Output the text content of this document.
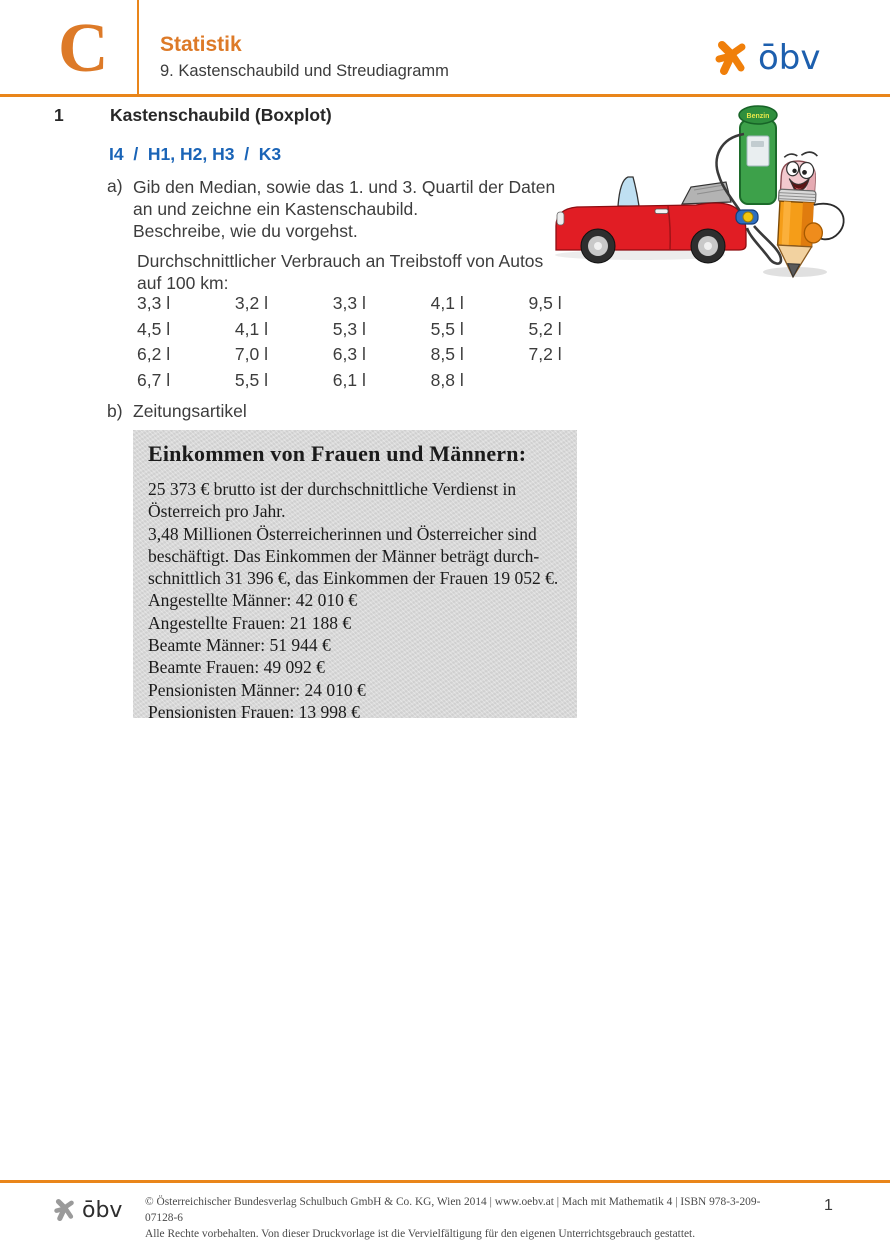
C	Statistik
9. Kastenschaubild und Streudiagramm	ōbv
1	Kastenschaubild (Boxplot)
I4  /  H1, H2, H3  /  K3
a) Gib den Median, sowie das 1. und 3. Quartil der Daten
an und zeichne ein Kastenschaubild.
Beschreibe, wie du vorgehst.
Durchschnittlicher Verbrauch an Treibstoff von Autos
auf 100 km:
3,3 l	3,2 l	3,3 l	4,1 l	9,5 l
4,5 l	4,1 l	5,3 l	5,5 l	5,2 l
6,2 l	7,0 l	6,3 l	8,5 l	7,2 l
6,7 l	5,5 l	6,1 l	8,8 l
Benzin
b) Zeitungsartikel
Einkommen von Frauen und Männern:
25 373 € brutto ist der durchschnittliche Verdienst in
Österreich pro Jahr.
3,48 Millionen Österreicherinnen und Österreicher sind
beschäftigt. Das Einkommen der Männer beträgt durch-
schnittlich 31 396 €, das Einkommen der Frauen 19 052 €.
Angestellte Männer: 42 010 €
Angestellte Frauen: 21 188 €
Beamte Männer: 51 944 €
Beamte Frauen: 49 092 €
Pensionisten Männer: 24 010 €
Pensionisten Frauen: 13 998 €
ōbv © Österreichischer Bundesverlag Schulbuch GmbH & Co. KG, Wien 2014 | www.oebv.at | Mach mit Mathematik 4 | ISBN 978-3-209-07128-6
Alle Rechte vorbehalten. Von dieser Druckvorlage ist die Vervielfältigung für den eigenen Unterrichtsgebrauch gestattet.
1
